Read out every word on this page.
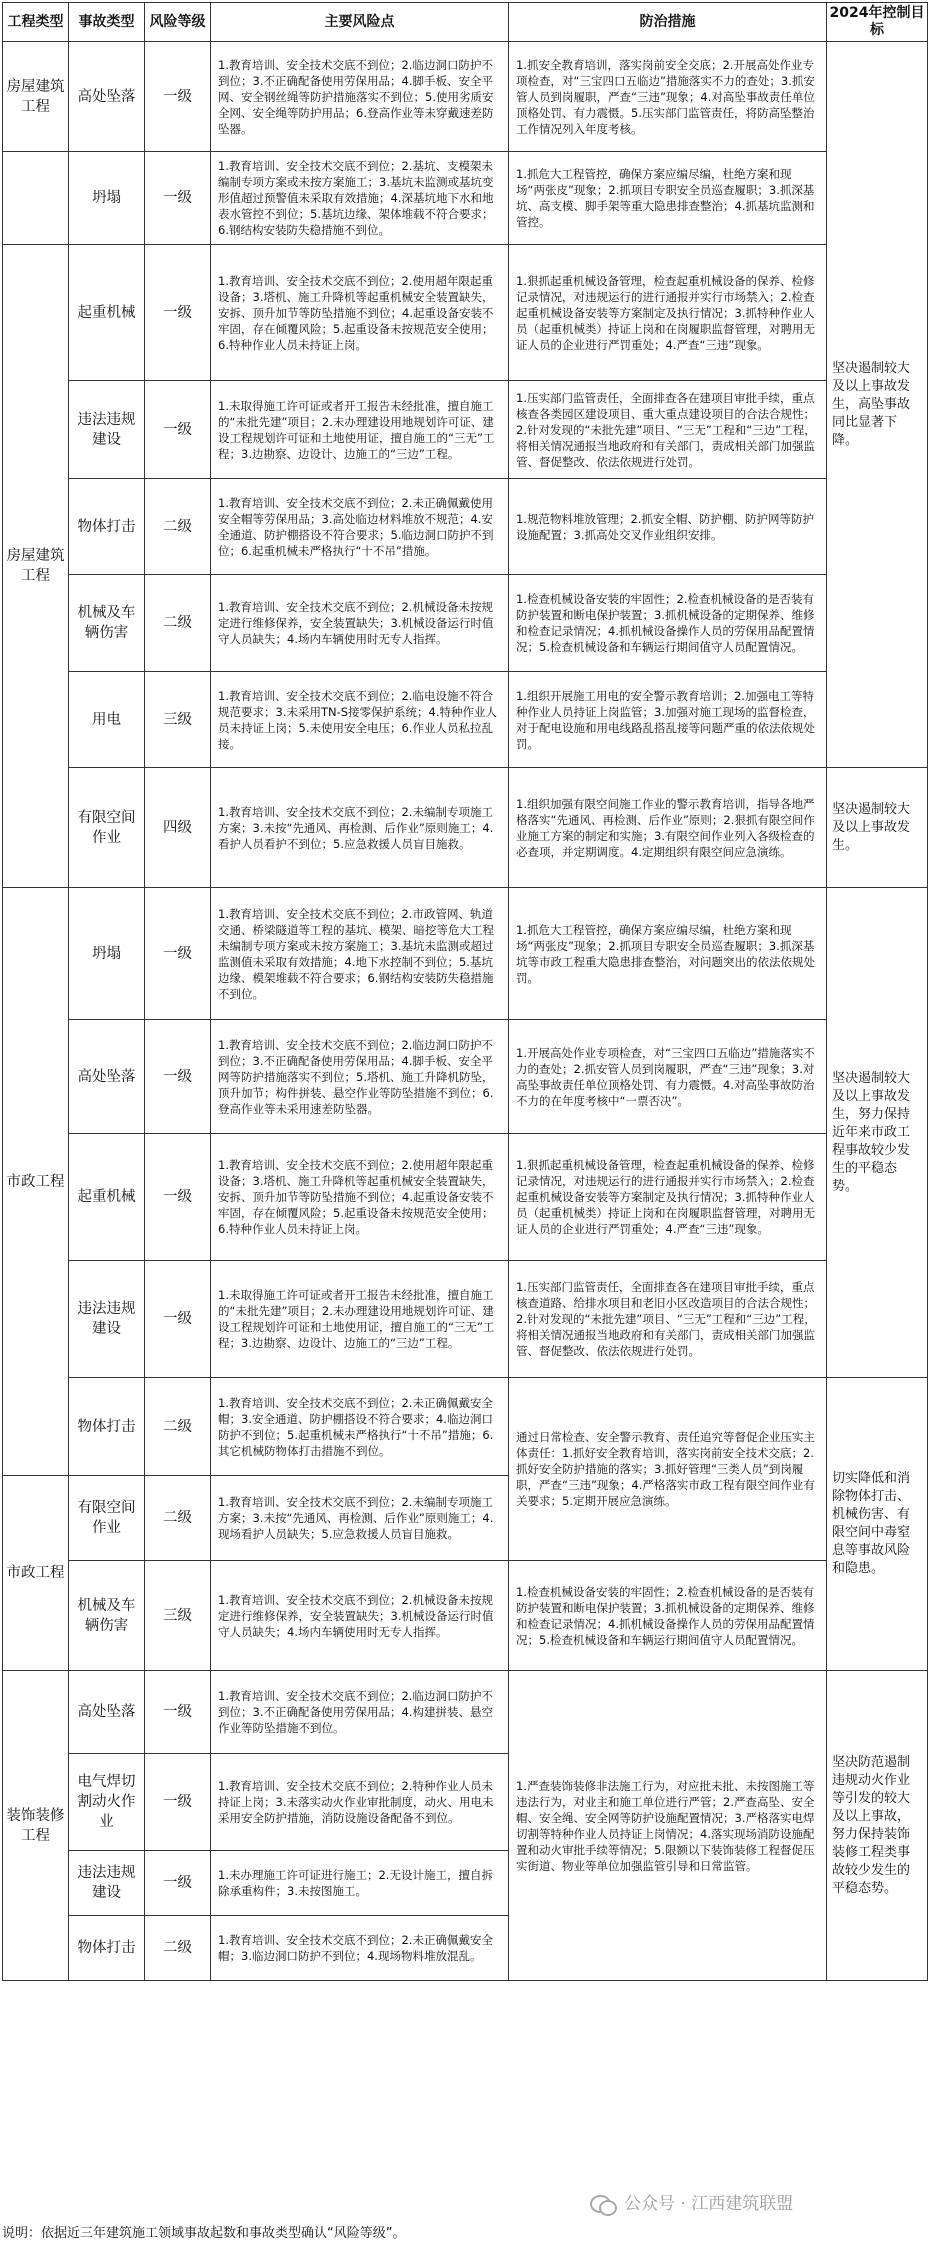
工程类型	事故类型	风险等级	主要风险点	防治措施	2024年控制目标
房屋建筑工程	高处坠落	一级	1.教育培训、安全技术交底不到位；2.临边洞口防护不到位；3.不正确配备使用劳保用品；4.脚手板、安全平网、安全钢丝绳等防护措施落实不到位；5.使用劣质安全网、安全绳等防护用品；6.登高作业等未穿戴速差防坠器。	1.抓安全教育培训，落实岗前安全交底；2.开展高处作业专项检查，对“三宝四口五临边”措施落实不力的查处；3.抓安管人员到岗履职，严查“三违”现象；4.对高坠事故责任单位顶格处罚、有力震慑。5.压实部门监管责任，将防高坠整治工作情况列入年度考核。	坚决遏制较大及以上事故发生，高坠事故同比显著下降。
	坍塌	一级	1.教育培训、安全技术交底不到位；2.基坑、支模架未编制专项方案或未按方案施工；3.基坑未监测或基坑变形值超过预警值未采取有效措施；4.深基坑地下水和地表水管控不到位；5.基坑边缘、架体堆载不符合要求；6.钢结构安装防失稳措施不到位。	1.抓危大工程管控，确保方案应编尽编，杜绝方案和现场“两张皮”现象；2.抓项目专职安全员巡查履职；3.抓深基坑、高支模、脚手架等重大隐患排查整治；4.抓基坑监测和管控。	
房屋建筑工程	起重机械	一级	1.教育培训、安全技术交底不到位；2.使用超年限起重设备；3.塔机、施工升降机等起重机械安全装置缺失，安拆、顶升加节等防坠措施不到位；4.起重设备安装不牢固，存在倾覆风险；5.起重设备未按规范安全使用；6.特种作业人员未持证上岗。	1.狠抓起重机械设备管理，检查起重机械设备的保养、检修记录情况，对违规运行的进行通报并实行市场禁入；2.检查起重机械设备安装等方案制定及执行情况；3.抓特种作业人员（起重机械类）持证上岗和在岗履职监督管理，对聘用无证人员的企业进行严罚重处；4.严查“三违”现象。	
	违法违规建设	一级	1.未取得施工许可证或者开工报告未经批准，擅自施工的“未批先建”项目；2.未办理建设用地规划许可证、建设工程规划许可证和土地使用证，擅自施工的“三无”工程；3.边勘察、边设计、边施工的“三边”工程。	1.压实部门监管责任，全面排查各在建项目审批手续，重点核查各类园区建设项目、重大重点建设项目的合法合规性；2.针对发现的“未批先建”项目、“三无”工程和“三边”工程，将相关情况通报当地政府和有关部门，责成相关部门加强监管、督促整改、依法依规进行处罚。	
	物体打击	二级	1.教育培训、安全技术交底不到位；2.未正确佩戴使用安全帽等劳保用品；3.高处临边材料堆放不规范；4.安全通道、防护棚搭设不符合要求；5.临边洞口防护不到位；6.起重机械未严格执行“十不吊”措施。	1.规范物料堆放管理；2.抓安全帽、防护棚、防护网等防护设施配置；3.抓高处交叉作业组织安排。	
	机械及车辆伤害	二级	1.教育培训、安全技术交底不到位；2.机械设备未按规定进行维修保养，安全装置缺失；3.机械设备运行时值守人员缺失；4.场内车辆使用时无专人指挥。	1.检查机械设备安装的牢固性；2.检查机械设备的是否装有防护装置和断电保护装置；3.抓机械设备的定期保养、维修和检查记录情况；4.抓机械设备操作人员的劳保用品配置情况；5.检查机械设备和车辆运行期间值守人员配置情况。	
	用电	三级	1.教育培训、安全技术交底不到位；2.临电设施不符合规范要求；3.未采用TN-S接零保护系统；4.特种作业人员未持证上岗；5.未使用安全电压；6.作业人员私拉乱接。	1.组织开展施工用电的安全警示教育培训；2.加强电工等特种作业人员持证上岗监管；3.加强对施工现场的监督检查，对于配电设施和用电线路乱搭乱接等问题严重的依法依规处罚。	
	有限空间作业	四级	1.教育培训、安全技术交底不到位；2.未编制专项施工方案；3.未按“先通风、再检测、后作业”原则施工；4.看护人员看护不到位；5.应急救援人员盲目施救。	1.组织加强有限空间施工作业的警示教育培训，指导各地严格落实“先通风、再检测、后作业”原则；2.狠抓有限空间作业施工方案的制定和实施；3.有限空间作业列入各级检查的必查项，并定期调度。4.定期组织有限空间应急演练。	坚决遏制较大及以上事故发生。
市政工程	坍塌	一级	1.教育培训、安全技术交底不到位；2.市政管网、轨道交通、桥梁隧道等工程的基坑、模架、暗挖等危大工程未编制专项方案或未按方案施工；3.基坑未监测或超过监测值未采取有效措施；4.地下水控制不到位；5.基坑边缘、模架堆载不符合要求；6.钢结构安装防失稳措施不到位。	1.抓危大工程管控，确保方案应编尽编，杜绝方案和现场“两张皮”现象；2.抓项目专职安全员巡查履职；3.抓深基坑等市政工程重大隐患排查整治，对问题突出的依法依规处罚。	坚决遏制较大及以上事故发生，努力保持近年来市政工程事故较少发生的平稳态势。
	高处坠落	一级	1.教育培训、安全技术交底不到位；2.临边洞口防护不到位；3.不正确配备使用劳保用品；4.脚手板、安全平网等防护措施落实不到位；5.塔机、施工升降机防坠，顶升加节；构件拼装、悬空作业等防坠措施不到位；6.登高作业等未采用速差防坠器。	1.开展高处作业专项检查，对“三宝四口五临边”措施落实不力的查处；2.抓安管人员到岗履职，严查“三违”现象；3.对高坠事故责任单位顶格处罚、有力震慑。4.对高坠事故防治不力的在年度考核中“一票否决”。	
	起重机械	一级	1.教育培训、安全技术交底不到位；2.使用超年限起重设备；3.塔机、施工升降机等起重机械安全装置缺失，安拆、顶升加节等防坠措施不到位；4.起重设备安装不牢固，存在倾覆风险；5.起重设备未按规范安全使用；6.特种作业人员未持证上岗。	1.狠抓起重机械设备管理，检查起重机械设备的保养、检修记录情况，对违规运行的进行通报并实行市场禁入；2.检查起重机械设备安装等方案制定及执行情况；3.抓特种作业人员（起重机械类）持证上岗和在岗履职监督管理，对聘用无证人员的企业进行严罚重处；4.严查“三违”现象。	
	违法违规建设	一级	1.未取得施工许可证或者开工报告未经批准，擅自施工的“未批先建”项目；2.未办理建设用地规划许可证、建设工程规划许可证和土地使用证，擅自施工的“三无”工程；3.边勘察、边设计、边施工的“三边”工程。	1.压实部门监管责任，全面排查各在建项目审批手续，重点核查道路、给排水项目和老旧小区改造项目的合法合规性；2.针对发现的“未批先建”项目、“三无”工程和“三边”工程，将相关情况通报当地政府和有关部门，责成相关部门加强监管、督促整改、依法依规进行处罚。	
	物体打击	二级	1.教育培训、安全技术交底不到位；2.未正确佩戴安全帽；3.安全通道、防护棚搭设不符合要求；4.临边洞口防护不到位；5.起重机械未严格执行“十不吊”措施；6.其它机械防物体打击措施不到位。	通过日常检查、安全警示教育、责任追究等督促企业压实主体责任：1.抓好安全教育培训，落实岗前安全技术交底；2.抓好安全防护措施的落实；3.抓好管理“三类人员”到岗履职，严查“三违”现象；4.严格落实市政工程有限空间作业有关要求；5.定期开展应急演练。	切实降低和消除物体打击、机械伤害、有限空间中毒窒息等事故风险和隐患。
市政工程	有限空间作业	二级	1.教育培训、安全技术交底不到位；2.未编制专项施工方案；3.未按“先通风、再检测、后作业”原则施工；4.现场看护人员缺失；5.应急救援人员盲目施救。		
	机械及车辆伤害	三级	1.教育培训、安全技术交底不到位；2.机械设备未按规定进行维修保养，安全装置缺失；3.机械设备运行时值守人员缺失；4.场内车辆使用时无专人指挥。	1.检查机械设备安装的牢固性；2.检查机械设备的是否装有防护装置和断电保护装置；3.抓机械设备的定期保养、维修和检查记录情况；4.抓机械设备操作人员的劳保用品配置情况；5.检查机械设备和车辆运行期间值守人员配置情况。	
装饰装修工程	高处坠落	一级	1.教育培训、安全技术交底不到位；2.临边洞口防护不到位；3.不正确配备使用劳保用品；4.构建拼装、悬空作业等防坠措施不到位。	1.严查装饰装修非法施工行为，对应批未批、未按图施工等违法行为，对业主和施工单位进行严管；2.严查高坠、安全帽、安全绳、安全网等防护设施配置情况；3.严格落实电焊切割等特种作业人员持证上岗情况；4.落实现场消防设施配置和动火审批手续等情况；5.限额以下装饰装修工程督促压实街道、物业等单位加强监管引导和日常监管。	坚决防范遏制违规动火作业等引发的较大及以上事故，努力保持装饰装修工程类事故较少发生的平稳态势。
	电气焊切割动火作业	一级	1.教育培训、安全技术交底不到位；2.特种作业人员未持证上岗；3.未落实动火作业审批制度，动火、用电未采用安全防护措施，消防设施设备配备不到位。		
	违法违规建设	一级	1.未办理施工许可证进行施工；2.无设计施工，擅自拆除承重构件；3.未按图施工。		
	物体打击	二级	1.教育培训、安全技术交底不到位；2.未正确佩戴安全帽；3.临边洞口防护不到位；4.现场物料堆放混乱。		
公众号 · 江西建筑联盟
说明：依据近三年建筑施工领域事故起数和事故类型确认“风险等级”。
